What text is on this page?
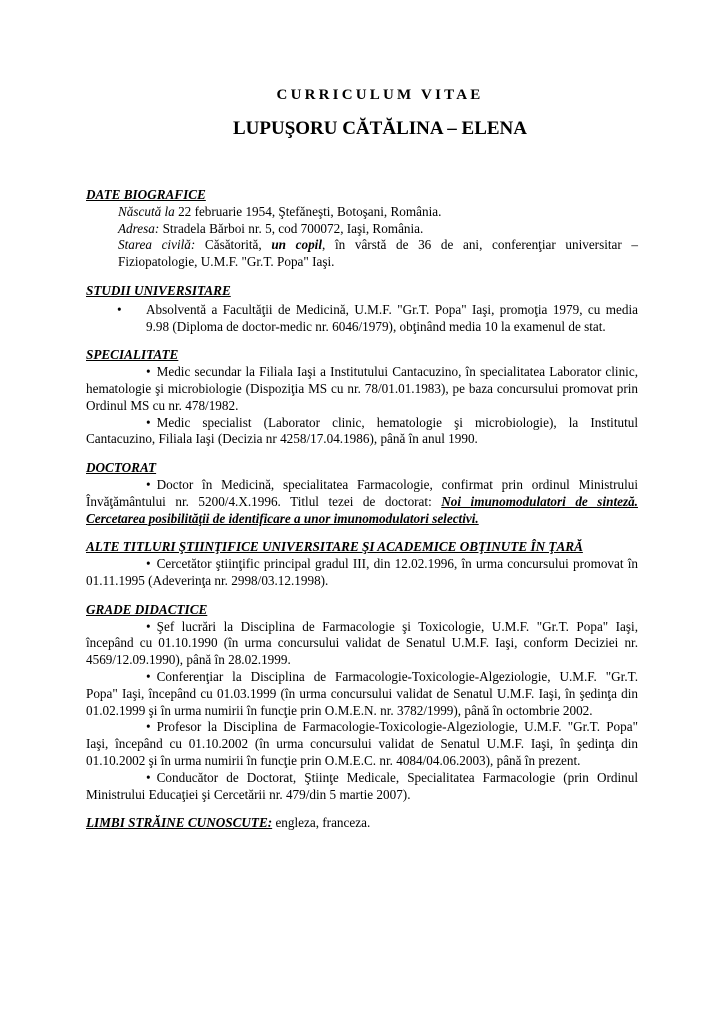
CURRICULUM VITAE
LUPUŞORU CĂTĂLINA – ELENA

DATE BIOGRAFICE

Născută la 22 februarie 1954, Ştefăneşti, Botoşani, România.

Adresa: Stradela Bărboi nr. 5, cod 700072, Iaşi, România.

Starea civilă: Căsătorită, un copil, în vârstă de 36 de ani, conferenţiar universitar – Fiziopatologie, U.M.F. "Gr.T. Popa" Iaşi.

STUDII UNIVERSITARE

• Absolventă a Facultăţii de Medicină, U.M.F. "Gr.T. Popa" Iaşi, promoţia 1979, cu media 9.98 (Diploma de doctor-medic nr. 6046/1979), obţinând media 10 la examenul de stat.

SPECIALITATE

• Medic secundar la Filiala Iaşi a Institutului Cantacuzino, în specialitatea Laborator clinic, hematologie şi microbiologie (Dispoziţia MS cu nr. 78/01.01.1983), pe baza concursului promovat prin Ordinul MS cu nr. 478/1982.

• Medic specialist (Laborator clinic, hematologie şi microbiologie), la Institutul Cantacuzino, Filiala Iaşi (Decizia nr 4258/17.04.1986), până în anul 1990.

DOCTORAT

• Doctor în Medicină, specialitatea Farmacologie, confirmat prin ordinul Ministrului Învăţământului nr. 5200/4.X.1996. Titlul tezei de doctorat: Noi imunomodulatori de sinteză. Cercetarea posibilităţii de identificare a unor imunomodulatori selectivi.

ALTE TITLURI ŞTIINŢIFICE UNIVERSITARE ŞI ACADEMICE OBŢINUTE ÎN ŢARĂ

• Cercetător ştiinţific principal gradul III, din 12.02.1996, în urma concursului promovat în 01.11.1995 (Adeverinţa nr. 2998/03.12.1998).

GRADE DIDACTICE

• Şef lucrări la Disciplina de Farmacologie şi Toxicologie, U.M.F. "Gr.T. Popa" Iaşi, începând cu 01.10.1990 (în urma concursului validat de Senatul U.M.F. Iaşi, conform Deciziei nr. 4569/12.09.1990), până în 28.02.1999.

• Conferenţiar la Disciplina de Farmacologie-Toxicologie-Algeziologie, U.M.F. "Gr.T. Popa" Iaşi, începând cu 01.03.1999 (în urma concursului validat de Senatul U.M.F. Iaşi, în şedinţa din 01.02.1999 şi în urma numirii în funcţie prin O.M.E.N. nr. 3782/1999), până în octombrie 2002.

• Profesor la Disciplina de Farmacologie-Toxicologie-Algeziologie, U.M.F. "Gr.T. Popa" Iaşi, începând cu 01.10.2002 (în urma concursului validat de Senatul U.M.F. Iaşi, în şedinţa din 01.10.2002 şi în urma numirii în funcţie prin O.M.E.C. nr. 4084/04.06.2003), până în prezent.

• Conducător de Doctorat, Ştiinţe Medicale, Specialitatea Farmacologie (prin Ordinul Ministrului Educaţiei şi Cercetării nr. 479/din 5 martie 2007).

LIMBI STRĂINE CUNOSCUTE: engleza, franceza.
